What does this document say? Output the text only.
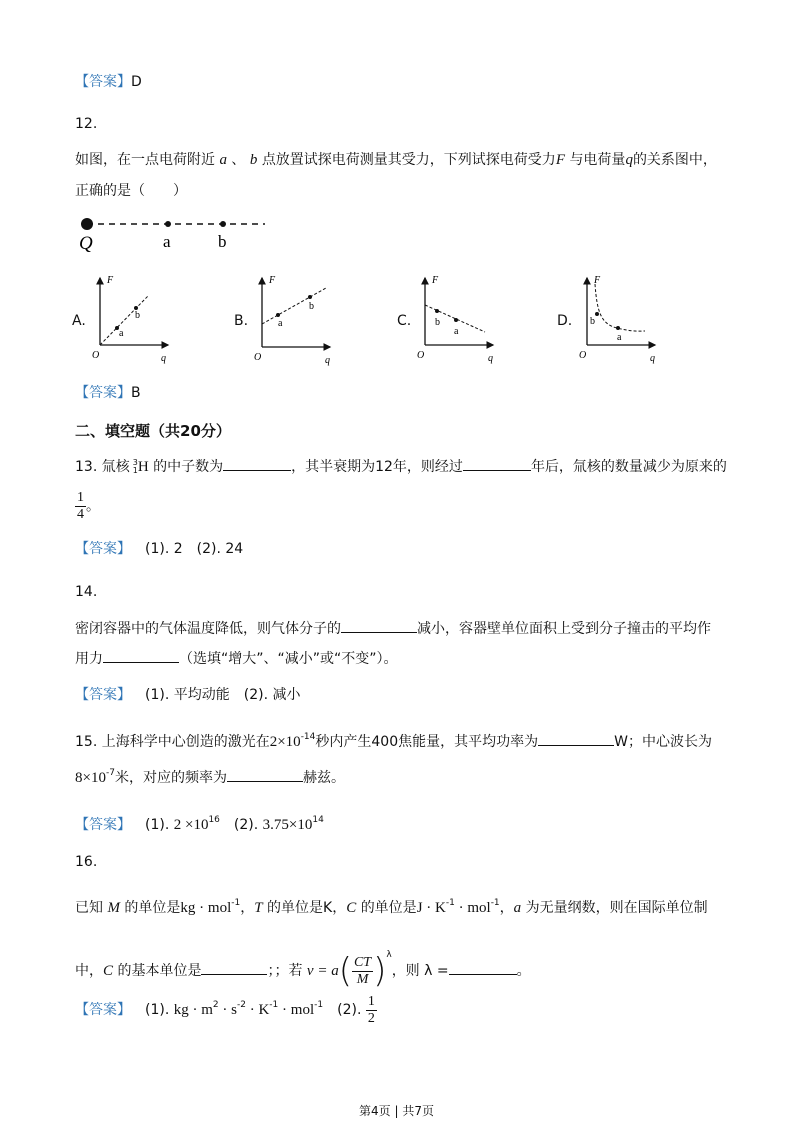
【答案】D
12.
如图，在一点电荷附近 a 、 b 点放置试探电荷测量其受力，下列试探电荷受力F 与电荷量q的关系图中，
正确的是（　　）
Q	a	b
A.
F
O	q
a
b	B.
F
O	q
a
b
C.
F
O	q
b
a
D.
F
O	q
b
a
【答案】B
二、填空题（共20分）
13. 氚核 3
1 H 的中子数为	，其半衰期为12年，则经过	年后，氚核的数量减少为原来的
$\frac{1}{4}$ 。
【答案】 (1). 2 (2). 24
14.
密闭容器中的气体温度降低，则气体分子的	减小，容器壁单位面积上受到分子撞击的平均作
用力	（选填“增大”、“减小”或“不变”）。
【答案】 (1). 平均动能 (2). 减小
15. 上海科学中心创造的激光在$2\times 10^{-14}$秒内产生400焦能量，其平均功率为	W；中心波长为
$8\times 10^{-7}$米，对应的频率为	赫兹。
【答案】 (1). $2 \times 10^{16}$ (2). $3.75\times 10^{14}$
16.
已知 M 的单位是kg · mol$^{-1}$，T 的单位是K，C 的单位是$J \cdot K^{-1} \cdot mol^{-1}$，a 为无量纲数，则在国际单位制
中，C 的基本单位是	；；若 $v = a( \frac{CT}{M} )^\lambda$，则 λ =	。
【答案】 (1). kg · $m^2 \cdot s^{-2} \cdot K^{-1} \cdot mol^{-1}$ (2). $\frac{1}{2}$
第4页 | 共7页
